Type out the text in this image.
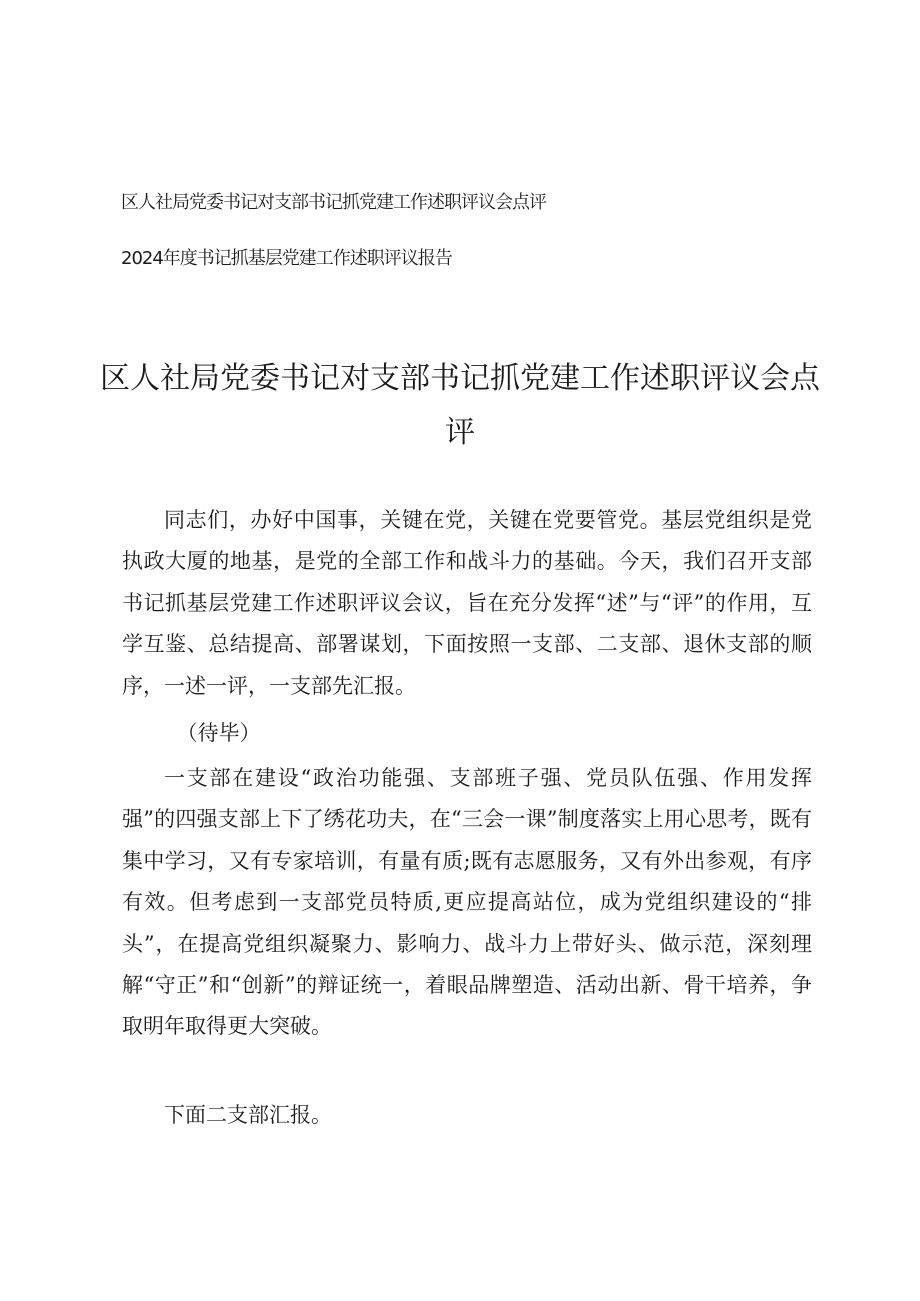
区人社局党委书记对支部书记抓党建工作述职评议会点评
2024年度书记抓基层党建工作述职评议报告
区人社局党委书记对支部书记抓党建工作述职评议会点
评

同志们，办好中国事，关键在党，关键在党要管党。基层党组织是党执政大厦的地基，是党的全部工作和战斗力的基础。今天，我们召开支部书记抓基层党建工作述职评议会议，旨在充分发挥“述”与“评”的作用，互学互鉴、总结提高、部署谋划，下面按照一支部、二支部、退休支部的顺序，一述一评，一支部先汇报。

（待毕）

一支部在建设“政治功能强、支部班子强、党员队伍强、作用发挥强”的四强支部上下了绣花功夫，在“三会一课”制度落实上用心思考，既有集中学习，又有专家培训，有量有质;既有志愿服务，又有外出参观，有序有效。但考虑到一支部党员特质,更应提高站位，成为党组织建设的“排头”，在提高党组织凝聚力、影响力、战斗力上带好头、做示范，深刻理解“守正”和“创新”的辩证统一，着眼品牌塑造、活动出新、骨干培养，争取明年取得更大突破。

下面二支部汇报。
